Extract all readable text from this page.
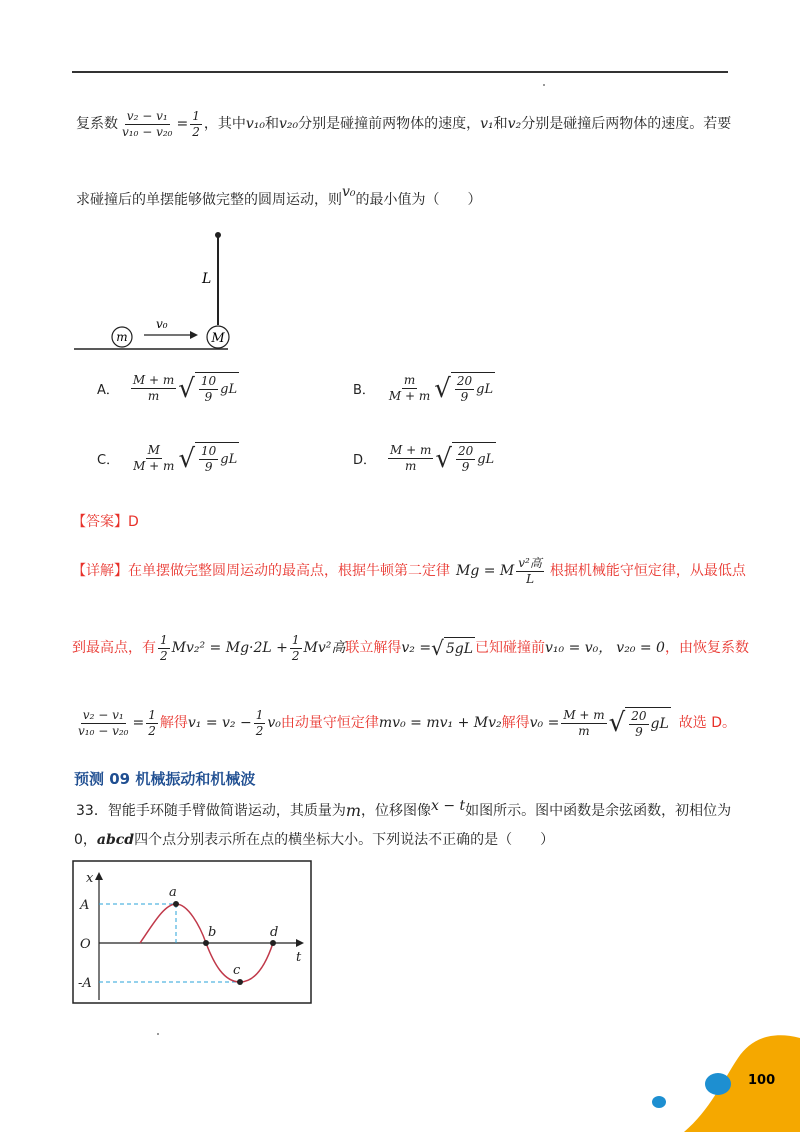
复系数 $\frac{\text{v₂ − v₁}}{\text{v₁₀ − v₂₀}} = \frac{1}{2}$ ，其中 v₁₀ 和 v₂₀ 分别是碰撞前两物体的速度， v₁ 和 v₂ 分别是碰撞后两物体的速度。若要
求碰撞后的单摆能够做完整的圆周运动，则 v₀ 的最小值为（　　）
L
M
m
v₀
A． $\frac{M + m}{m}$ √ $\frac{10}{9}$ gL	B． $\frac{m}{M + m}$ √ $\frac{20}{9}$ gL
C． $\frac{M}{M + m}$ √ $\frac{10}{9}$ gL	D． $\frac{M + m}{m}$ √ $\frac{20}{9}$ gL
【答案】D
【详解】 在单摆做完整圆周运动的最高点，根据牛顿第二定律 Mg = M $\frac{\text{v²高}}{L}$ 根据机械能守恒定律，从最低点
到最高点，有 $\frac{1}{2} Mv_2^2 = Mg\cdot 2L + \frac{1}{2} Mv^2$高 联立解得 v₂ = √ 5gL 已知碰撞前 v₁₀ = v₀， v₂₀ = 0 ，由恢复系数
$\frac{\text{v₂ − v₁}}{\text{v₁₀ − v₂₀}} = \frac{1}{2}$ 解得 $v_1 = v_2 - \frac{1}{2} v_0$ 由动量守恒定律 mv₀ = mv₁ + Mv₂ 解得 $v_0 = \frac{M + m}{m}$ √ $\frac{20}{9}$ gL 故选 D。
预测 09 机械振动和机械波
33．智能手环随手臂做简谐运动，其质量为 m ，位移图像 x − t 如图所示。图中函数是余弦函数，初相位为
0， abcd 四个点分别表示所在点的横坐标大小。下列说法不正确的是（　　）
x
A
O
-A
t
a
b
c
d
100
